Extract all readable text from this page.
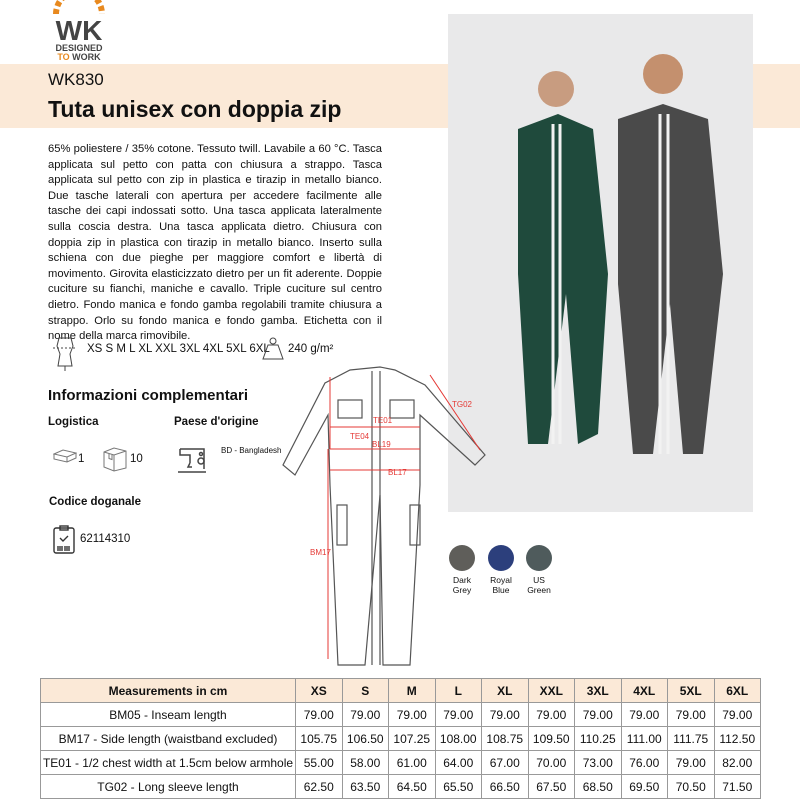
WK
DESIGNED
TO WORK
WK830
Tuta unisex con doppia zip
65% poliestere / 35% cotone. Tessuto twill. Lavabile a 60 °C. Tasca applicata sul petto con patta con chiusura a strappo. Tasca applicata sul petto con zip in plastica e tirazip in metallo bianco. Due tasche laterali con apertura per accedere facilmente alle tasche dei capi indossati sotto. Una tasca applicata lateralmente sulla coscia destra. Una tasca applicata dietro. Chiusura con doppia zip in plastica con tirazip in metallo bianco. Inserto sulla schiena con due pieghe per maggiore comfort e libertà di movimento. Girovita elasticizzato dietro per un fit aderente. Doppie cuciture su fianchi, maniche e cavallo. Triple cuciture sul centro dietro. Fondo manica e fondo gamba regolabili tramite chiusura a strappo. Orlo su fondo manica e fondo gamba. Etichetta con il nome della marca rimovibile.
XS S M L XL XXL 3XL 4XL 5XL 6XL 240 g/m²
Informazioni complementari
Logistica	Paese d'origine
1	10
BD - Bangladesh
Codice doganale
62114310
TE01
TE04
BL19
BL17
TG02
BM17
Dark
Grey
Royal
Blue
US
Green
Measurements in cm	XS	S	M	L	XL	XXL	3XL	4XL	5XL	6XL
BM05 - Inseam length	79.00	79.00	79.00	79.00	79.00	79.00	79.00	79.00	79.00	79.00
BM17 - Side length (waistband excluded)	105.75	106.50	107.25	108.00	108.75	109.50	110.25	111.00	111.75	112.50
TE01 - 1/2 chest width at 1.5cm below armhole	55.00	58.00	61.00	64.00	67.00	70.00	73.00	76.00	79.00	82.00
TG02 - Long sleeve length	62.50	63.50	64.50	65.50	66.50	67.50	68.50	69.50	70.50	71.50
